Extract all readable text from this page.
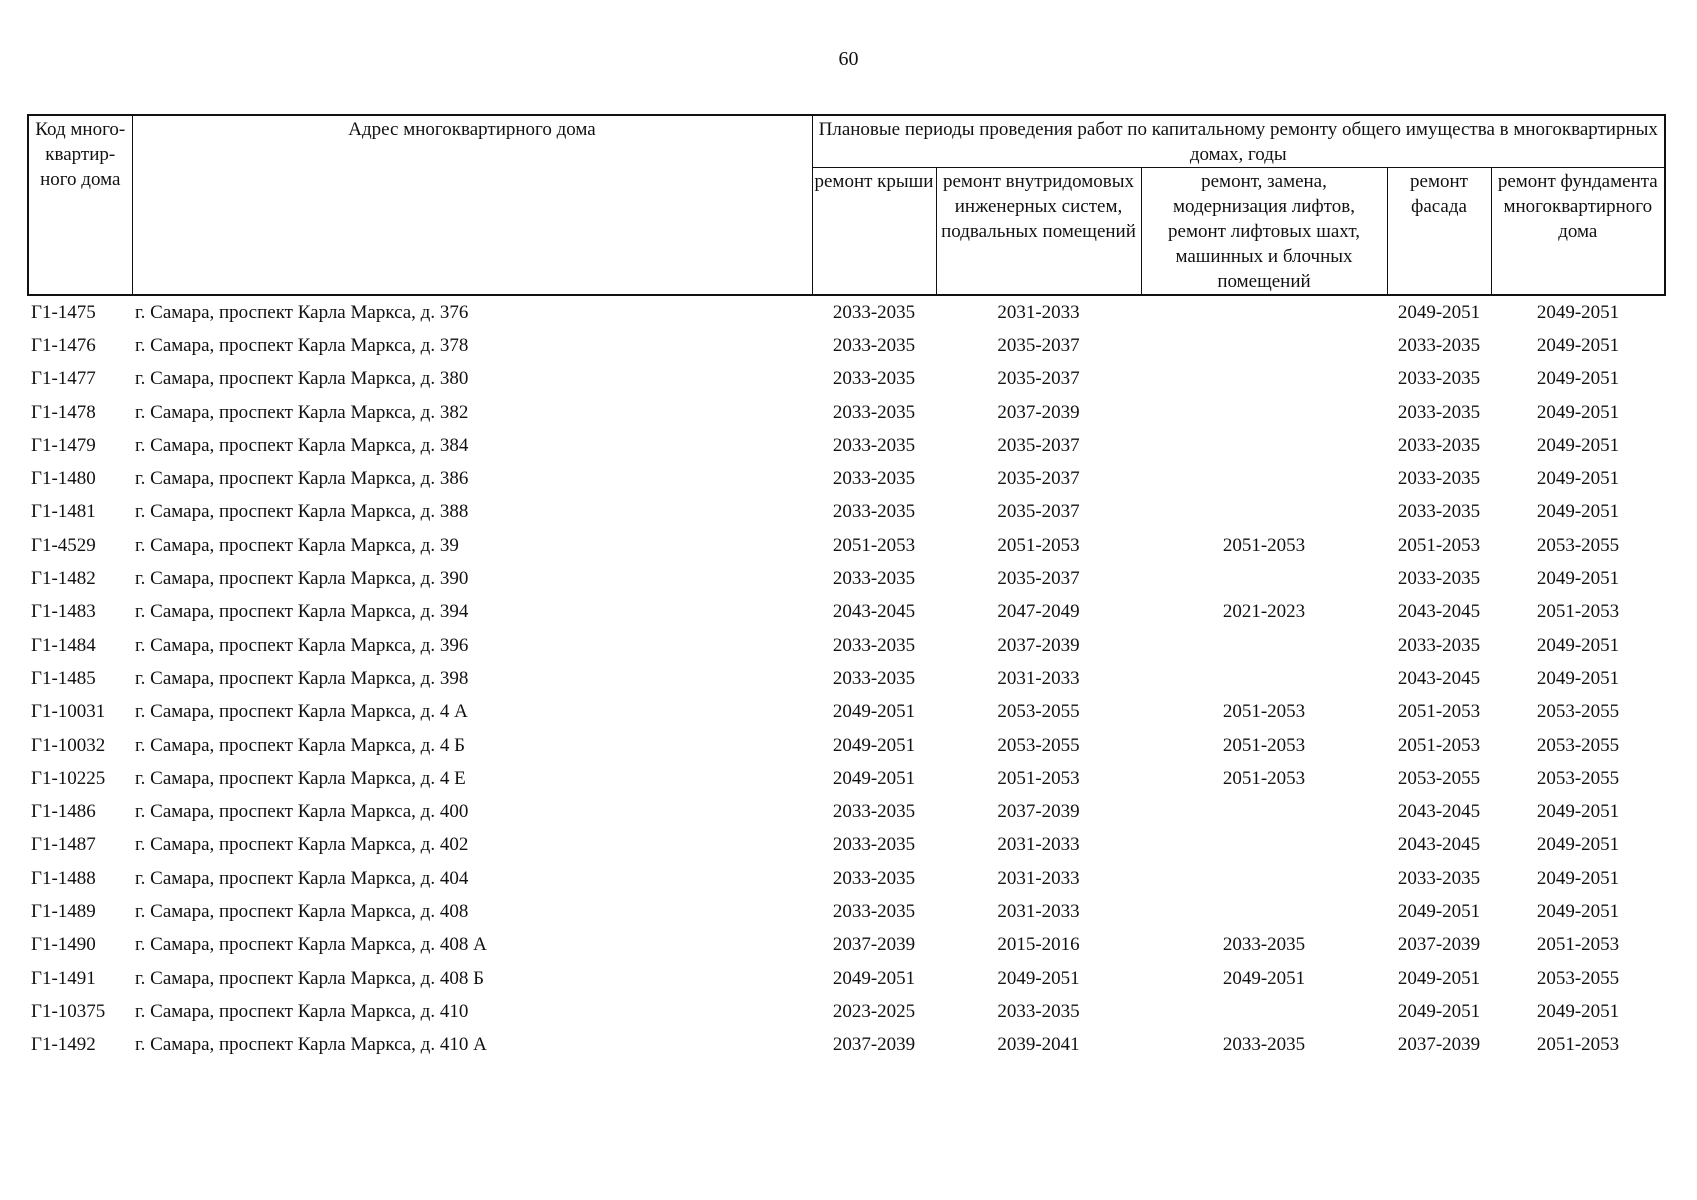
60
Код много-квартир-ного дома	Адрес многоквартирного дома	Плановые периоды проведения работ по капитальному ремонту общего имущества в многоквартирных домах, годы				
		ремонт крыши	ремонт внутридомовых инженерных систем, подвальных помещений	ремонт, замена, модернизация лифтов, ремонт лифтовых шахт, машинных и блочных помещений	ремонт фасада	ремонт фундамента многоквартирного дома
Г1-1475	г. Самара, проспект Карла Маркса, д. 376	2033-2035	2031-2033		2049-2051	2049-2051
Г1-1476	г. Самара, проспект Карла Маркса, д. 378	2033-2035	2035-2037		2033-2035	2049-2051
Г1-1477	г. Самара, проспект Карла Маркса, д. 380	2033-2035	2035-2037		2033-2035	2049-2051
Г1-1478	г. Самара, проспект Карла Маркса, д. 382	2033-2035	2037-2039		2033-2035	2049-2051
Г1-1479	г. Самара, проспект Карла Маркса, д. 384	2033-2035	2035-2037		2033-2035	2049-2051
Г1-1480	г. Самара, проспект Карла Маркса, д. 386	2033-2035	2035-2037		2033-2035	2049-2051
Г1-1481	г. Самара, проспект Карла Маркса, д. 388	2033-2035	2035-2037		2033-2035	2049-2051
Г1-4529	г. Самара, проспект Карла Маркса, д. 39	2051-2053	2051-2053	2051-2053	2051-2053	2053-2055
Г1-1482	г. Самара, проспект Карла Маркса, д. 390	2033-2035	2035-2037		2033-2035	2049-2051
Г1-1483	г. Самара, проспект Карла Маркса, д. 394	2043-2045	2047-2049	2021-2023	2043-2045	2051-2053
Г1-1484	г. Самара, проспект Карла Маркса, д. 396	2033-2035	2037-2039		2033-2035	2049-2051
Г1-1485	г. Самара, проспект Карла Маркса, д. 398	2033-2035	2031-2033		2043-2045	2049-2051
Г1-10031	г. Самара, проспект Карла Маркса, д. 4 А	2049-2051	2053-2055	2051-2053	2051-2053	2053-2055
Г1-10032	г. Самара, проспект Карла Маркса, д. 4 Б	2049-2051	2053-2055	2051-2053	2051-2053	2053-2055
Г1-10225	г. Самара, проспект Карла Маркса, д. 4 Е	2049-2051	2051-2053	2051-2053	2053-2055	2053-2055
Г1-1486	г. Самара, проспект Карла Маркса, д. 400	2033-2035	2037-2039		2043-2045	2049-2051
Г1-1487	г. Самара, проспект Карла Маркса, д. 402	2033-2035	2031-2033		2043-2045	2049-2051
Г1-1488	г. Самара, проспект Карла Маркса, д. 404	2033-2035	2031-2033		2033-2035	2049-2051
Г1-1489	г. Самара, проспект Карла Маркса, д. 408	2033-2035	2031-2033		2049-2051	2049-2051
Г1-1490	г. Самара, проспект Карла Маркса, д. 408 А	2037-2039	2015-2016	2033-2035	2037-2039	2051-2053
Г1-1491	г. Самара, проспект Карла Маркса, д. 408 Б	2049-2051	2049-2051	2049-2051	2049-2051	2053-2055
Г1-10375	г. Самара, проспект Карла Маркса, д. 410	2023-2025	2033-2035		2049-2051	2049-2051
Г1-1492	г. Самара, проспект Карла Маркса, д. 410 А	2037-2039	2039-2041	2033-2035	2037-2039	2051-2053
